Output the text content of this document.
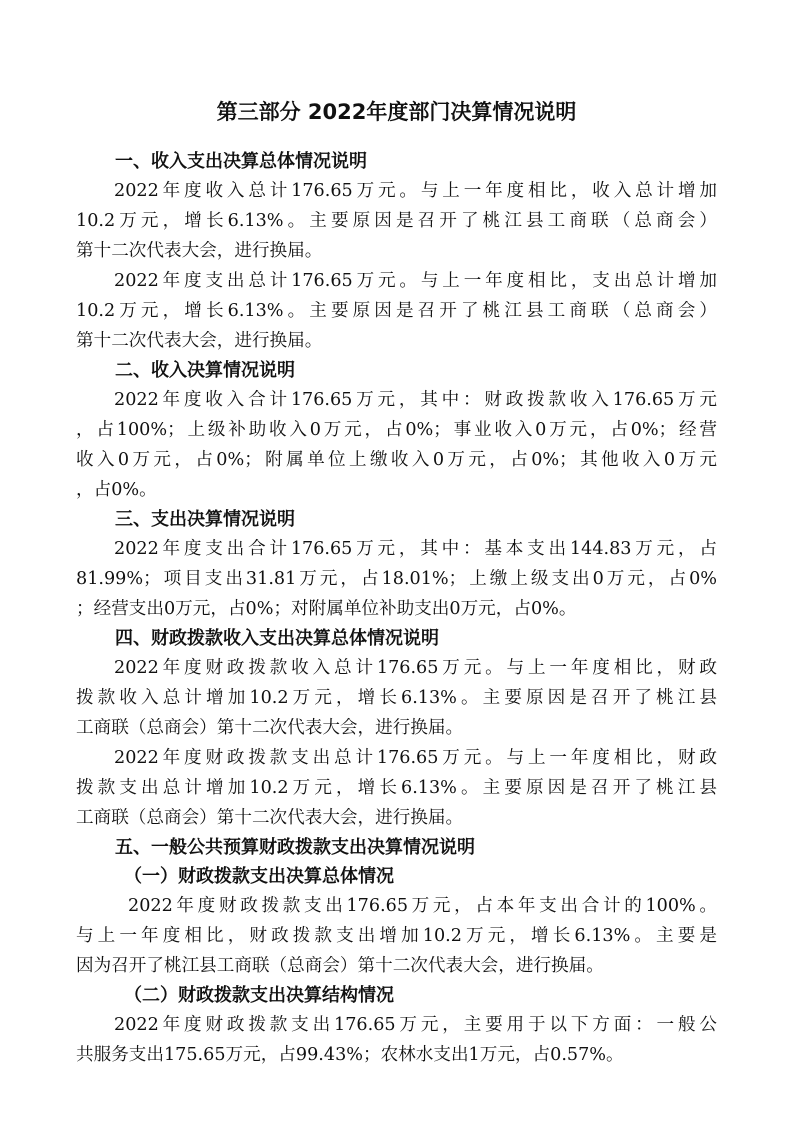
第三部分 2022年度部门决算情况说明
一、收入支出决算总体情况说明
2022年度收入总计176.65万元。与上一年度相比，收入总计增加
10.2万元，增长6.13%。主要原因是召开了桃江县工商联（总商会）
第十二次代表大会，进行换届。
2022年度支出总计176.65万元。与上一年度相比，支出总计增加
10.2万元，增长6.13%。主要原因是召开了桃江县工商联（总商会）
第十二次代表大会，进行换届。
二、收入决算情况说明
2022年度收入合计176.65万元，其中：财政拨款收入176.65万元
，占100%；上级补助收入0万元，占0%；事业收入0万元，占0%；经营
收入0万元，占0%；附属单位上缴收入0万元，占0%；其他收入0万元
，占0%。
三、支出决算情况说明
2022年度支出合计176.65万元，其中：基本支出144.83万元，占
81.99%；项目支出31.81万元，占18.01%；上缴上级支出0万元，占0%
；经营支出0万元，占0%；对附属单位补助支出0万元，占0%。
四、财政拨款收入支出决算总体情况说明
2022年度财政拨款收入总计176.65万元。与上一年度相比，财政
拨款收入总计增加10.2万元，增长6.13%。主要原因是召开了桃江县
工商联（总商会）第十二次代表大会，进行换届。
2022年度财政拨款支出总计176.65万元。与上一年度相比，财政
拨款支出总计增加10.2万元，增长6.13%。主要原因是召开了桃江县
工商联（总商会）第十二次代表大会，进行换届。
五、一般公共预算财政拨款支出决算情况说明
（一）财政拨款支出决算总体情况
2022年度财政拨款支出176.65万元，占本年支出合计的100%。
与上一年度相比，财政拨款支出增加10.2万元，增长6.13%。主要是
因为召开了桃江县工商联（总商会）第十二次代表大会，进行换届。
（二）财政拨款支出决算结构情况
2022年度财政拨款支出176.65万元，主要用于以下方面：一般公
共服务支出175.65万元，占99.43%；农林水支出1万元，占0.57%。
